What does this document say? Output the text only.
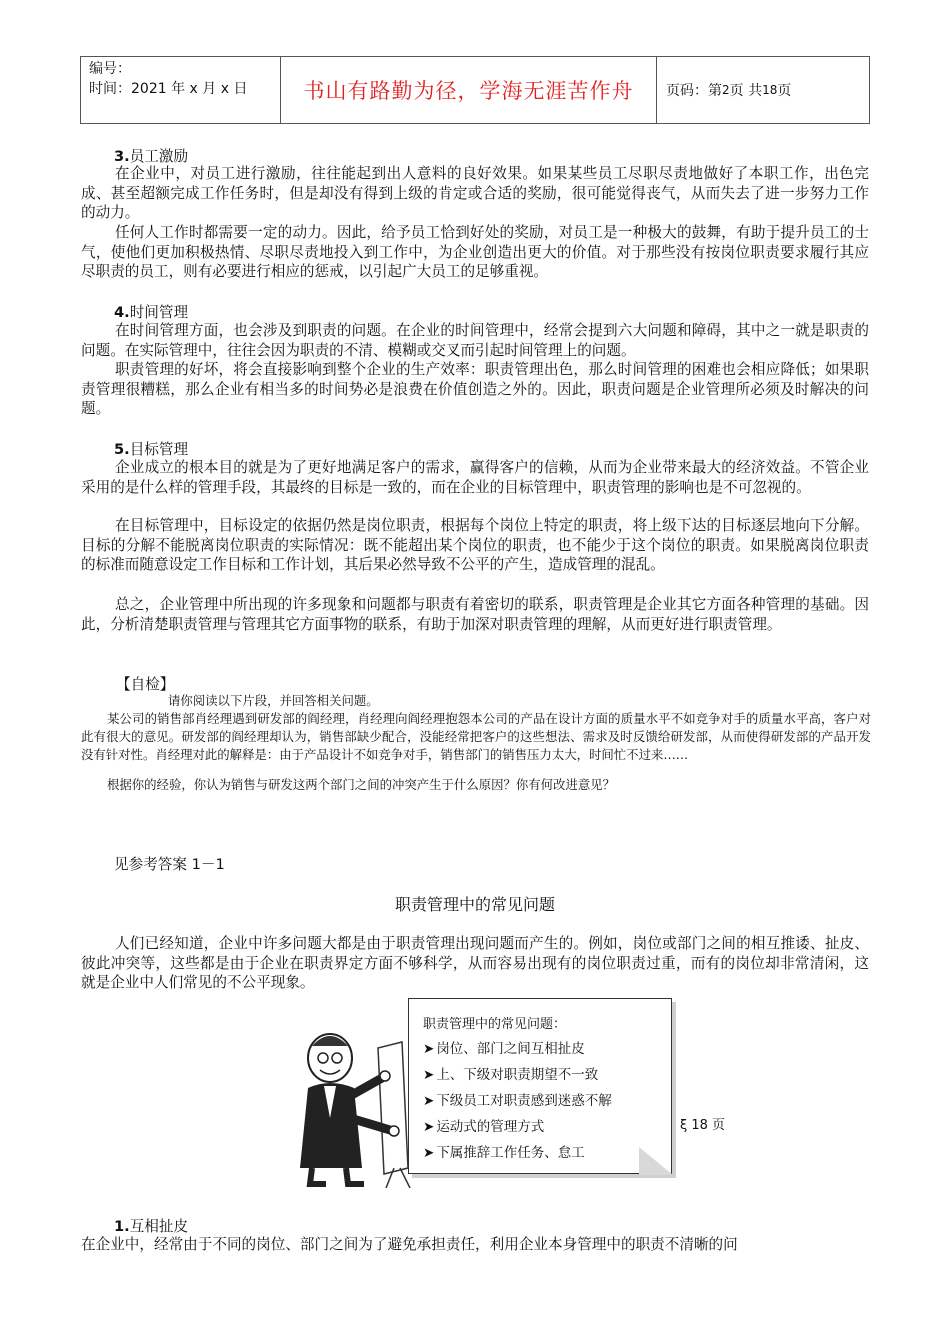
编号：
时间：2021 年 x 月 x 日	书山有路勤为径，学海无涯苦作舟	页码：第 2 页 共 18 页

3.员工激励

在企业中，对员工进行激励，往往能起到出人意料的良好效果。如果某些员工尽职尽责地做好了本职工作，出色完成、甚至超额完成工作任务时，但是却没有得到上级的肯定或合适的奖励，很可能觉得丧气，从而失去了进一步努力工作的动力。

任何人工作时都需要一定的动力。因此，给予员工恰到好处的奖励，对员工是一种极大的鼓舞，有助于提升员工的士气，使他们更加积极热情、尽职尽责地投入到工作中，为企业创造出更大的价值。对于那些没有按岗位职责要求履行其应尽职责的员工，则有必要进行相应的惩戒，以引起广大员工的足够重视。

4.时间管理

在时间管理方面，也会涉及到职责的问题。在企业的时间管理中，经常会提到六大问题和障碍，其中之一就是职责的问题。在实际管理中，往往会因为职责的不清、模糊或交叉而引起时间管理上的问题。

职责管理的好坏，将会直接影响到整个企业的生产效率：职责管理出色，那么时间管理的困难也会相应降低；如果职责管理很糟糕，那么企业有相当多的时间势必是浪费在价值创造之外的。因此，职责问题是企业管理所必须及时解决的问题。

5.目标管理

企业成立的根本目的就是为了更好地满足客户的需求，赢得客户的信赖，从而为企业带来最大的经济效益。不管企业采用的是什么样的管理手段，其最终的目标是一致的，而在企业的目标管理中，职责管理的影响也是不可忽视的。

在目标管理中，目标设定的依据仍然是岗位职责，根据每个岗位上特定的职责，将上级下达的目标逐层地向下分解。目标的分解不能脱离岗位职责的实际情况：既不能超出某个岗位的职责，也不能少于这个岗位的职责。如果脱离岗位职责的标准而随意设定工作目标和工作计划，其后果必然导致不公平的产生，造成管理的混乱。

总之，企业管理中所出现的许多现象和问题都与职责有着密切的联系，职责管理是企业其它方面各种管理的基础。因此，分析清楚职责管理与管理其它方面事物的联系，有助于加深对职责管理的理解，从而更好进行职责管理。

【自检】

请你阅读以下片段，并回答相关问题。

某公司的销售部肖经理遇到研发部的阎经理，肖经理向阎经理抱怨本公司的产品在设计方面的质量水平不如竞争对手的质量水平高，客户对此有很大的意见。研发部的阎经理却认为，销售部缺少配合，没能经常把客户的这些想法、需求及时反馈给研发部，从而使得研发部的产品开发没有针对性。肖经理对此的解释是：由于产品设计不如竞争对手，销售部门的销售压力太大，时间忙不过来……

根据你的经验，你认为销售与研发这两个部门之间的冲突产生于什么原因？你有何改进意见？

见参考答案 1－1

职责管理中的常见问题

人们已经知道，企业中许多问题大都是由于职责管理出现问题而产生的。例如，岗位或部门之间的相互推诿、扯皮、彼此冲突等，这些都是由于企业在职责界定方面不够科学，从而容易出现有的岗位职责过重，而有的岗位却非常清闲，这就是企业中人们常见的不公平现象。

职责管理中的常见问题：

➤ 岗位、部门之间互相扯皮

➤ 上、下级对职责期望不一致

➤ 下级员工对职责感到迷惑不解

➤ 运动式的管理方式

➤ 下属推辞工作任务、怠工

ξ 18 页

1.互相扯皮

在企业中，经常由于不同的岗位、部门之间为了避免承担责任，利用企业本身管理中的职责不清晰的问
